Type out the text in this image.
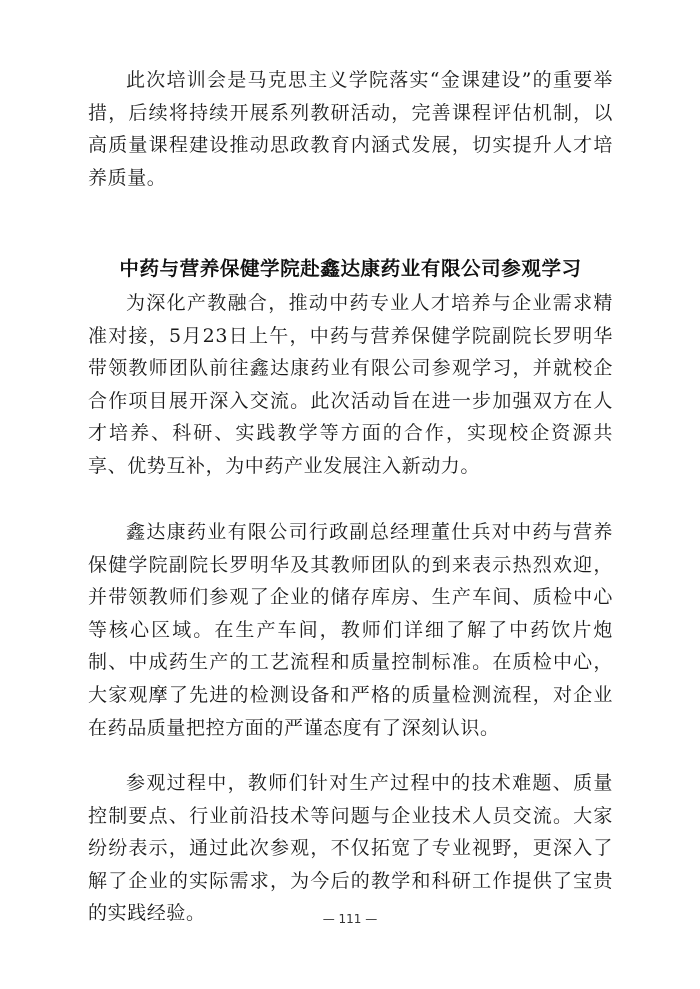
此次培训会是马克思主义学院落实“金课建设”的重要举措，后续将持续开展系列教研活动，完善课程评估机制，以高质量课程建设推动思政教育内涵式发展，切实提升人才培养质量。

中药与营养保健学院赴鑫达康药业有限公司参观学习

为深化产教融合，推动中药专业人才培养与企业需求精准对接，5月23日上午，中药与营养保健学院副院长罗明华带领教师团队前往鑫达康药业有限公司参观学习，并就校企合作项目展开深入交流。此次活动旨在进一步加强双方在人才培养、科研、实践教学等方面的合作，实现校企资源共享、优势互补，为中药产业发展注入新动力。

鑫达康药业有限公司行政副总经理董仕兵对中药与营养保健学院副院长罗明华及其教师团队的到来表示热烈欢迎，并带领教师们参观了企业的储存库房、生产车间、质检中心等核心区域。在生产车间，教师们详细了解了中药饮片炮制、中成药生产的工艺流程和质量控制标准。在质检中心，大家观摩了先进的检测设备和严格的质量检测流程，对企业在药品质量把控方面的严谨态度有了深刻认识。

参观过程中，教师们针对生产过程中的技术难题、质量控制要点、行业前沿技术等问题与企业技术人员交流。大家纷纷表示，通过此次参观，不仅拓宽了专业视野，更深入了解了企业的实际需求，为今后的教学和科研工作提供了宝贵的实践经验。	— 111 —
